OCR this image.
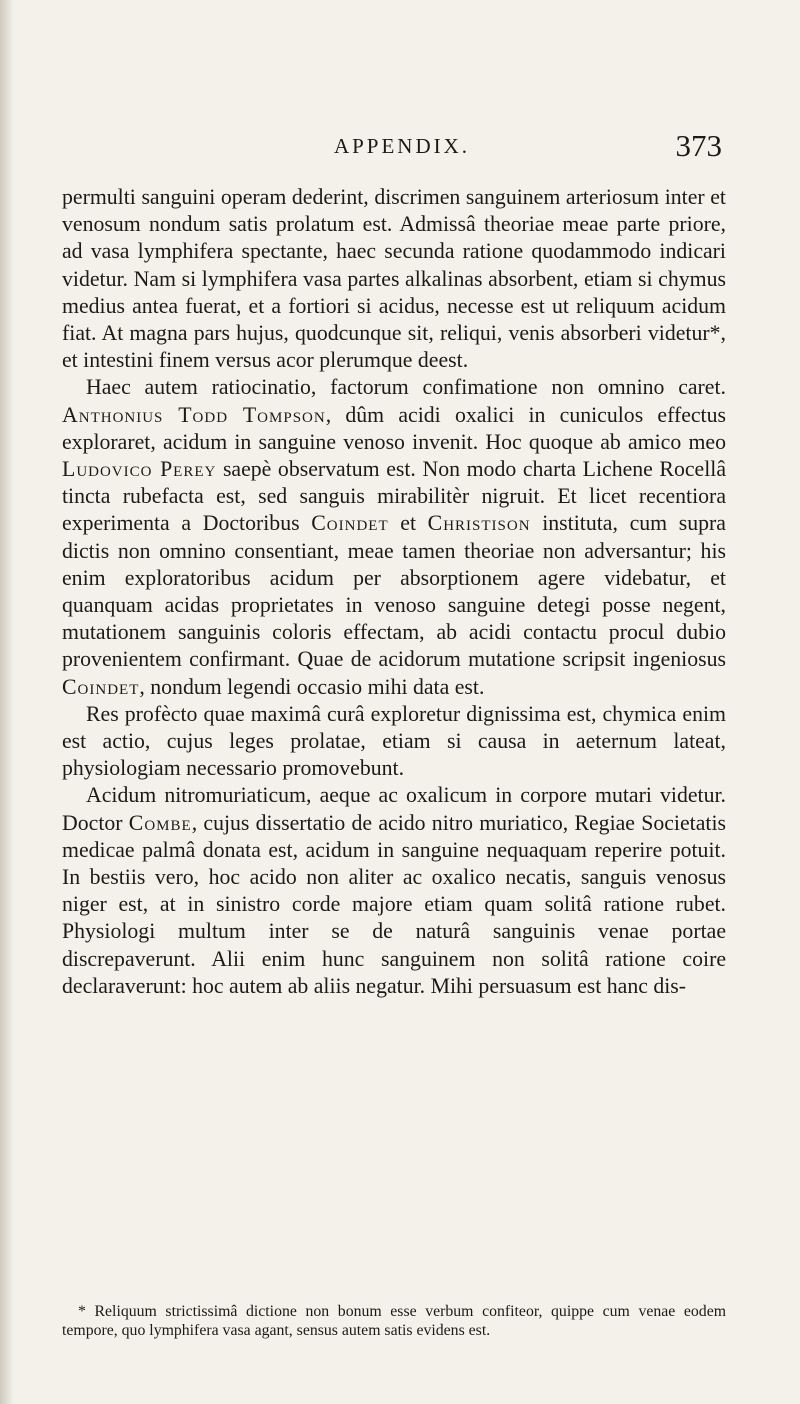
APPENDIX.	373

permulti sanguini operam dederint, discrimen sanguinem arteriosum inter et venosum nondum satis prolatum est. Admissâ theoriae meae parte priore, ad vasa lymphifera spectante, haec secunda ratione quodammodo indicari videtur. Nam si lymphifera vasa partes alkalinas absorbent, etiam si chymus medius antea fuerat, et a fortiori si acidus, necesse est ut reliquum acidum fiat. At magna pars hujus, quodcunque sit, reliqui, venis absorberi videtur*, et intestini finem versus acor plerumque deest.

Haec autem ratiocinatio, factorum confimatione non omnino caret. Anthonius Todd Tompson, dûm acidi oxalici in cuniculos effectus exploraret, acidum in sanguine venoso invenit. Hoc quoque ab amico meo Ludovico Perey saepè observatum est. Non modo charta Lichene Rocellâ tincta rubefacta est, sed sanguis mirabilitèr nigruit. Et licet recentiora experimenta a Doctoribus Coindet et Christison instituta, cum supra dictis non omnino consentiant, meae tamen theoriae non adversantur; his enim exploratoribus acidum per absorptionem agere videbatur, et quanquam acidas proprietates in venoso sanguine detegi posse negent, mutationem sanguinis coloris effectam, ab acidi contactu procul dubio provenientem confirmant. Quae de acidorum mutatione scripsit ingeniosus Coindet, nondum legendi occasio mihi data est.

Res profècto quae maximâ curâ exploretur dignissima est, chymica enim est actio, cujus leges prolatae, etiam si causa in aeternum lateat, physiologiam necessario promovebunt.

Acidum nitromuriaticum, aeque ac oxalicum in corpore mutari videtur. Doctor Combe, cujus dissertatio de acido nitro muriatico, Regiae Societatis medicae palmâ donata est, acidum in sanguine nequaquam reperire potuit. In bestiis vero, hoc acido non aliter ac oxalico necatis, sanguis venosus niger est, at in sinistro corde majore etiam quam solitâ ratione rubet. Physiologi multum inter se de naturâ sanguinis venae portae discrepaverunt. Alii enim hunc sanguinem non solitâ ratione coire declaraverunt: hoc autem ab aliis negatur. Mihi persuasum est hanc dis-

* Reliquum strictissimâ dictione non bonum esse verbum confiteor, quippe cum venae eodem tempore, quo lymphifera vasa agant, sensus autem satis evidens est.
